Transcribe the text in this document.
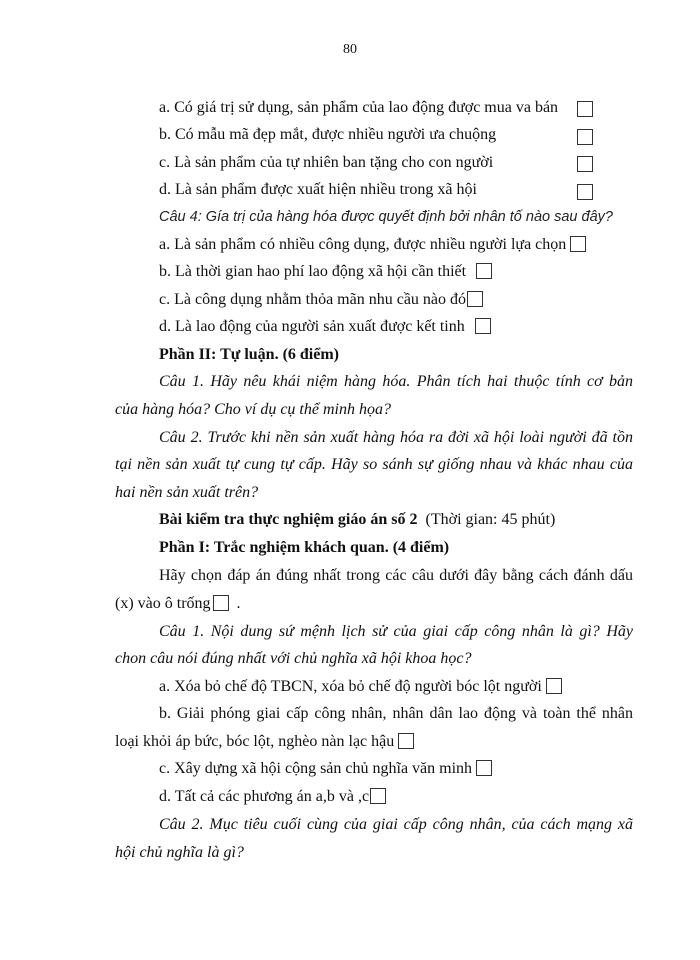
80
a. Có giá trị sử dụng, sản phẩm của lao động được mua va bán
b. Có mẫu mã đẹp mắt, được nhiều người ưa chuộng
c. Là sản phẩm của tự nhiên ban tặng cho con người
d. Là sản phẩm được xuất hiện nhiều trong xã hội
Câu 4: Gía trị của hàng hóa được quyết định bởi nhân tố nào sau đây?
a. Là sản phẩm có nhiều công dụng, được nhiều người lựa chọn
b. Là thời gian hao phí lao động xã hội cần thiết
c. Là công dụng nhằm thỏa mãn nhu cầu nào đó
d. Là lao động của người sản xuất được kết tinh
Phần II: Tự luận. (6 điểm)
Câu 1. Hãy nêu khái niệm hàng hóa. Phân tích hai thuộc tính cơ bản
của hàng hóa? Cho ví dụ cụ thể minh họa?
Câu 2. Trước khi nền sản xuất hàng hóa ra đời xã hội loài người đã tồn
tại nền sản xuất tự cung tự cấp. Hãy so sánh sự giống nhau và khác nhau của
hai nền sản xuất trên?
Bài kiểm tra thực nghiệm giáo án số 2 (Thời gian: 45 phút)
Phần I: Trắc nghiệm khách quan. (4 điểm)
Hãy chọn đáp án đúng nhất trong các câu dưới đây bằng cách đánh dấu
(x) vào ô trống .
Câu 1. Nội dung sứ mệnh lịch sử của giai cấp công nhân là gì? Hãy
chon câu nói đúng nhất với chủ nghĩa xã hội khoa học?
a. Xóa bỏ chế độ TBCN, xóa bỏ chế độ người bóc lột người
b. Giải phóng giai cấp công nhân, nhân dân lao động và toàn thể nhân
loại khỏi áp bức, bóc lột, nghèo nàn lạc hậu
c. Xây dựng xã hội cộng sản chủ nghĩa văn minh
d. Tất cả các phương án a,b và ,c
Câu 2. Mục tiêu cuối cùng của giai cấp công nhân, của cách mạng xã
hội chủ nghĩa là gì?
